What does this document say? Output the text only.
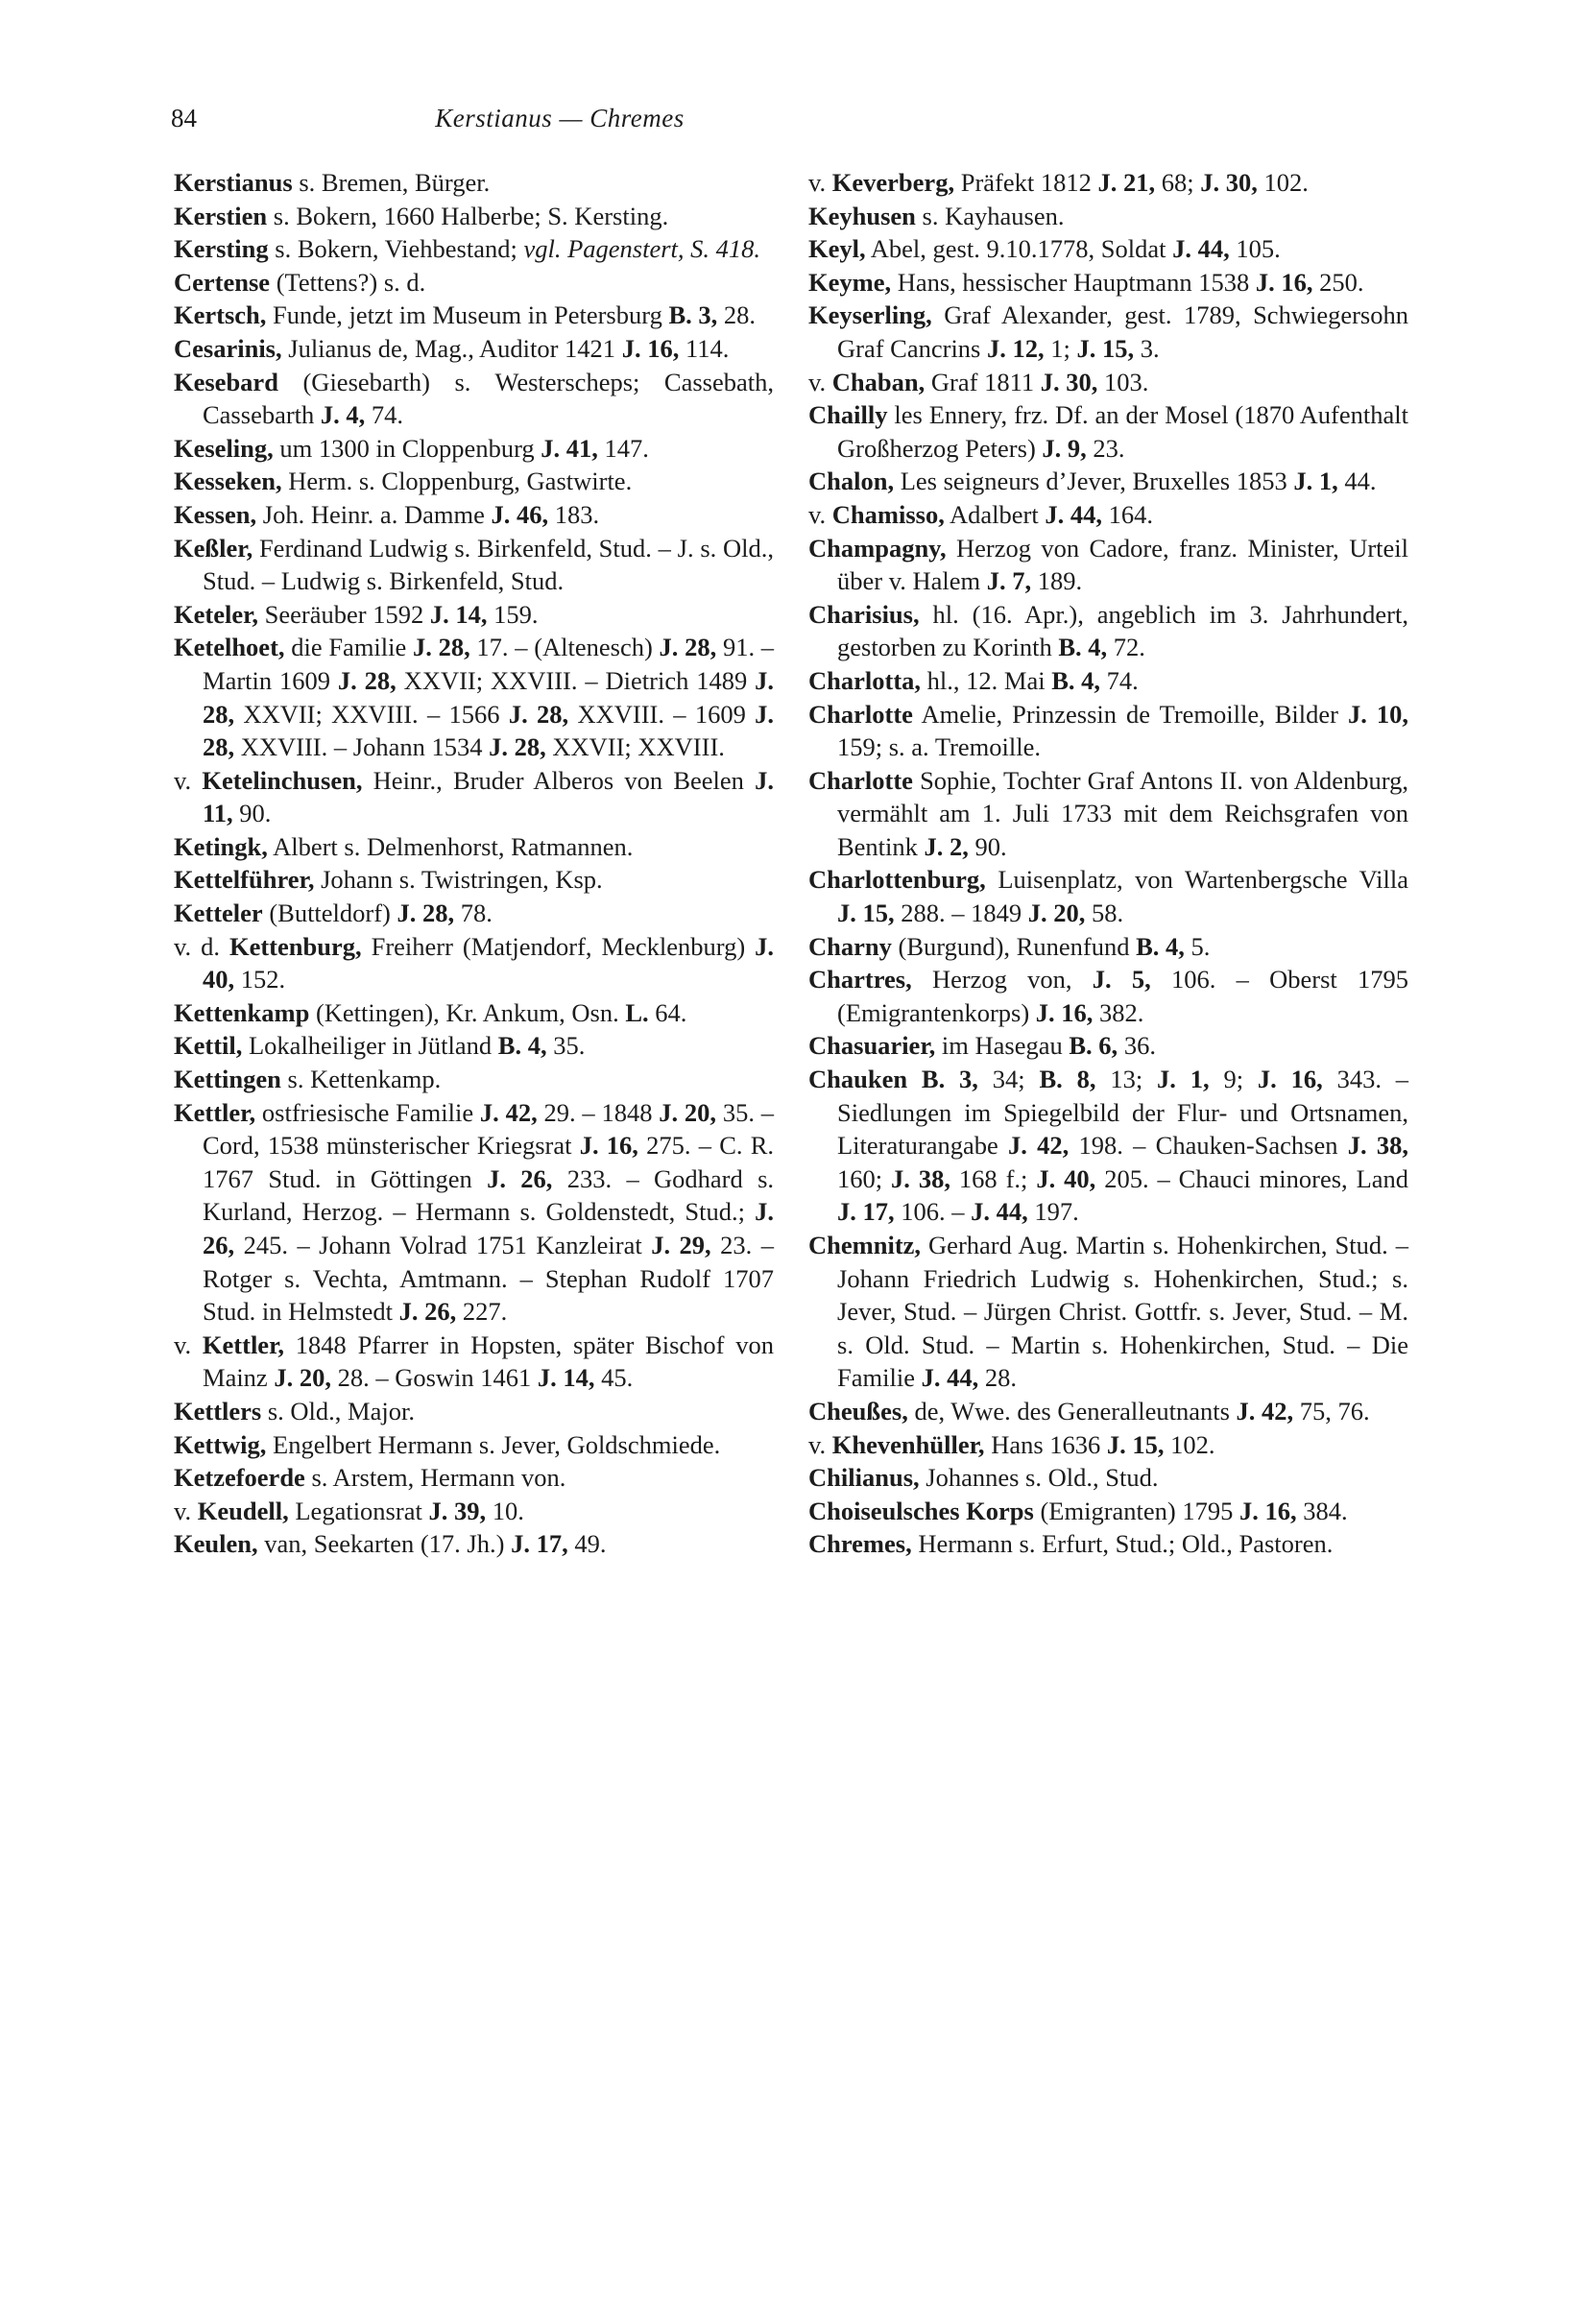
84	Kerstianus — Chremes

Kerstianus s. Bremen, Bürger.

Kerstien s. Bokern, 1660 Halberbe; S. Kersting.

Kersting s. Bokern, Viehbestand; vgl. Pagenstert, S. 418.

Certense (Tettens?) s. d.

Kertsch, Funde, jetzt im Museum in Petersburg B. 3, 28.

Cesarinis, Julianus de, Mag., Auditor 1421 J. 16, 114.

Kesebard (Giesebarth) s. Westerscheps; Cassebath, Cassebarth J. 4, 74.

Keseling, um 1300 in Cloppenburg J. 41, 147.

Kesseken, Herm. s. Cloppenburg, Gastwirte.

Kessen, Joh. Heinr. a. Damme J. 46, 183.

Keßler, Ferdinand Ludwig s. Birkenfeld, Stud. – J. s. Old., Stud. – Ludwig s. Birkenfeld, Stud.

Keteler, Seeräuber 1592 J. 14, 159.

Ketelhoet, die Familie J. 28, 17. – (Altenesch) J. 28, 91. – Martin 1609 J. 28, XXVII; XXVIII. – Dietrich 1489 J. 28, XXVII; XXVIII. – 1566 J. 28, XXVIII. – 1609 J. 28, XXVIII. – Johann 1534 J. 28, XXVII; XXVIII.

v. Ketelinchusen, Heinr., Bruder Alberos von Beelen J. 11, 90.

Ketingk, Albert s. Delmenhorst, Ratmannen.

Kettelführer, Johann s. Twistringen, Ksp.

Ketteler (Butteldorf) J. 28, 78.

v. d. Kettenburg, Freiherr (Matjendorf, Mecklenburg) J. 40, 152.

Kettenkamp (Kettingen), Kr. Ankum, Osn. L. 64.

Kettil, Lokalheiliger in Jütland B. 4, 35.

Kettingen s. Kettenkamp.

Kettler, ostfriesische Familie J. 42, 29. – 1848 J. 20, 35. – Cord, 1538 münsterischer Kriegsrat J. 16, 275. – C. R. 1767 Stud. in Göttingen J. 26, 233. – Godhard s. Kurland, Herzog. – Hermann s. Goldenstedt, Stud.; J. 26, 245. – Johann Volrad 1751 Kanzleirat J. 29, 23. – Rotger s. Vechta, Amtmann. – Stephan Rudolf 1707 Stud. in Helmstedt J. 26, 227.

v. Kettler, 1848 Pfarrer in Hopsten, später Bischof von Mainz J. 20, 28. – Goswin 1461 J. 14, 45.

Kettlers s. Old., Major.

Kettwig, Engelbert Hermann s. Jever, Goldschmiede.

Ketzefoerde s. Arstem, Hermann von.

v. Keudell, Legationsrat J. 39, 10.

Keulen, van, Seekarten (17. Jh.) J. 17, 49.

v. Keverberg, Präfekt 1812 J. 21, 68; J. 30, 102.

Keyhusen s. Kayhausen.

Keyl, Abel, gest. 9.10.1778, Soldat J. 44, 105.

Keyme, Hans, hessischer Hauptmann 1538 J. 16, 250.

Keyserling, Graf Alexander, gest. 1789, Schwiegersohn Graf Cancrins J. 12, 1; J. 15, 3.

v. Chaban, Graf 1811 J. 30, 103.

Chailly les Ennery, frz. Df. an der Mosel (1870 Aufenthalt Großherzog Peters) J. 9, 23.

Chalon, Les seigneurs d’Jever, Bruxelles 1853 J. 1, 44.

v. Chamisso, Adalbert J. 44, 164.

Champagny, Herzog von Cadore, franz. Minister, Urteil über v. Halem J. 7, 189.

Charisius, hl. (16. Apr.), angeblich im 3. Jahrhundert, gestorben zu Korinth B. 4, 72.

Charlotta, hl., 12. Mai B. 4, 74.

Charlotte Amelie, Prinzessin de Tremoille, Bilder J. 10, 159; s. a. Tremoille.

Charlotte Sophie, Tochter Graf Antons II. von Aldenburg, vermählt am 1. Juli 1733 mit dem Reichsgrafen von Bentink J. 2, 90.

Charlottenburg, Luisenplatz, von Wartenbergsche Villa J. 15, 288. – 1849 J. 20, 58.

Charny (Burgund), Runenfund B. 4, 5.

Chartres, Herzog von, J. 5, 106. – Oberst 1795 (Emigrantenkorps) J. 16, 382.

Chasuarier, im Hasegau B. 6, 36.

Chauken B. 3, 34; B. 8, 13; J. 1, 9; J. 16, 343. – Siedlungen im Spiegelbild der Flur- und Ortsnamen, Literaturangabe J. 42, 198. – Chauken-Sachsen J. 38, 160; J. 38, 168 f.; J. 40, 205. – Chauci minores, Land J. 17, 106. – J. 44, 197.

Chemnitz, Gerhard Aug. Martin s. Hohenkirchen, Stud. – Johann Friedrich Ludwig s. Hohenkirchen, Stud.; s. Jever, Stud. – Jürgen Christ. Gottfr. s. Jever, Stud. – M. s. Old. Stud. – Martin s. Hohenkirchen, Stud. – Die Familie J. 44, 28.

Cheußes, de, Wwe. des Generalleutnants J. 42, 75, 76.

v. Khevenhüller, Hans 1636 J. 15, 102.

Chilianus, Johannes s. Old., Stud.

Choiseulsches Korps (Emigranten) 1795 J. 16, 384.

Chremes, Hermann s. Erfurt, Stud.; Old., Pastoren.
